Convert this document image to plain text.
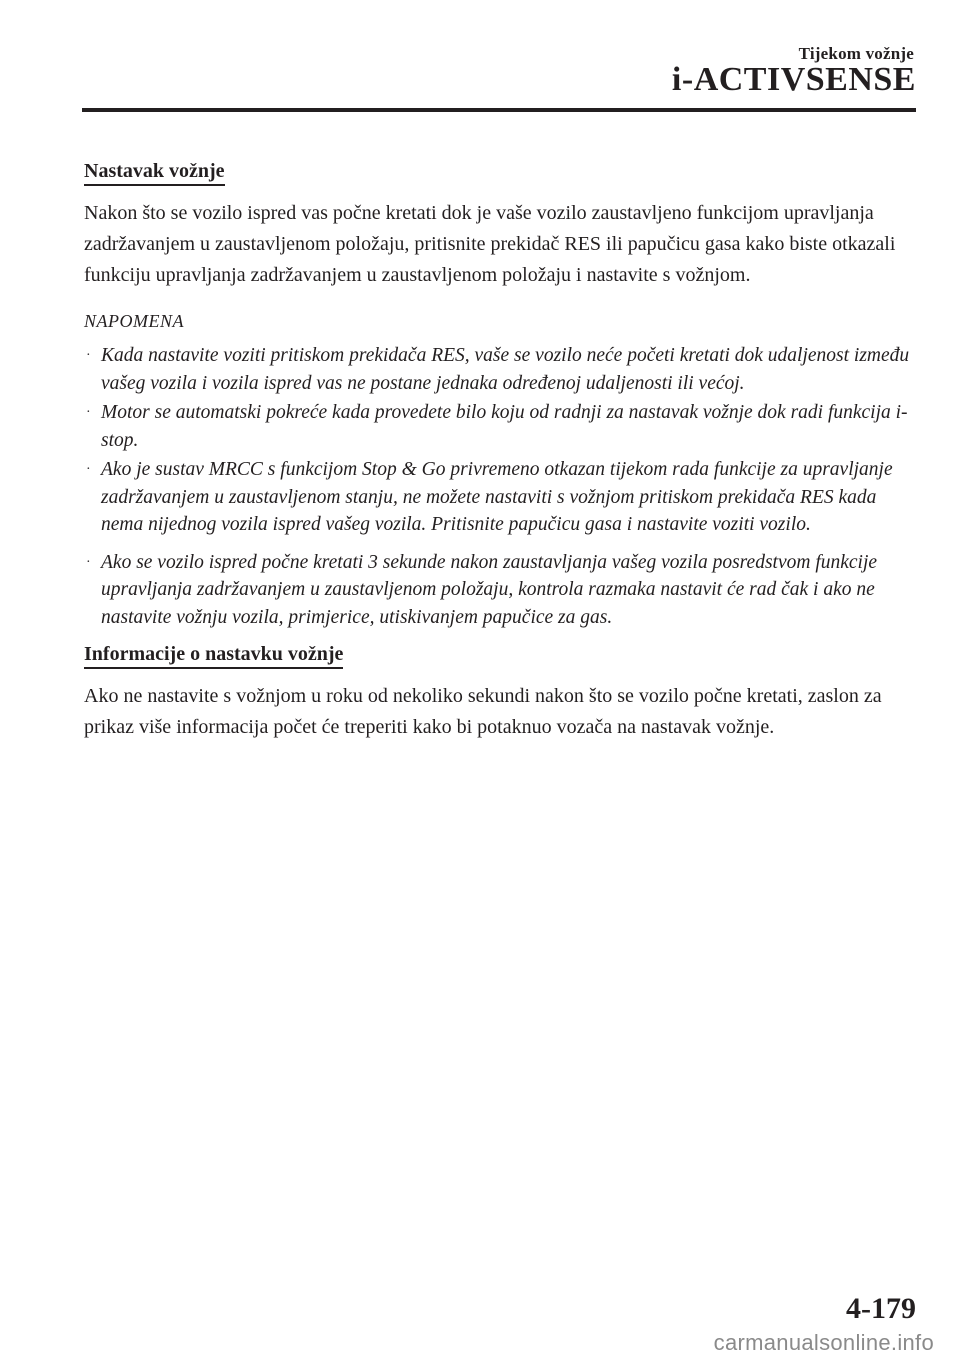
Tijekom vožnje
i-ACTIVSENSE
Nastavak vožnje

Nakon što se vozilo ispred vas počne kretati dok je vaše vozilo zaustavljeno funkcijom upravljanja zadržavanjem u zaustavljenom položaju, pritisnite prekidač RES ili papučicu gasa kako biste otkazali funkciju upravljanja zadržavanjem u zaustavljenom položaju i nastavite s vožnjom.

NAPOMENA
· Kada nastavite voziti pritiskom prekidača RES, vaše se vozilo neće početi kretati dok udaljenost između vašeg vozila i vozila ispred vas ne postane jednaka određenoj udaljenosti ili većoj.
· Motor se automatski pokreće kada provedete bilo koju od radnji za nastavak vožnje dok radi funkcija i-stop.
· Ako je sustav MRCC s funkcijom Stop & Go privremeno otkazan tijekom rada funkcije za upravljanje zadržavanjem u zaustavljenom stanju, ne možete nastaviti s vožnjom pritiskom prekidača RES kada nema nijednog vozila ispred vašeg vozila. Pritisnite papučicu gasa i nastavite voziti vozilo.
· Ako se vozilo ispred počne kretati 3 sekunde nakon zaustavljanja vašeg vozila posredstvom funkcije upravljanja zadržavanjem u zaustavljenom položaju, kontrola razmaka nastavit će rad čak i ako ne nastavite vožnju vozila, primjerice, utiskivanjem papučice za gas.
Informacije o nastavku vožnje

Ako ne nastavite s vožnjom u roku od nekoliko sekundi nakon što se vozilo počne kretati, zaslon za prikaz više informacija počet će treperiti kako bi potaknuo vozača na nastavak vožnje.

4-179
carmanualsonline.info
